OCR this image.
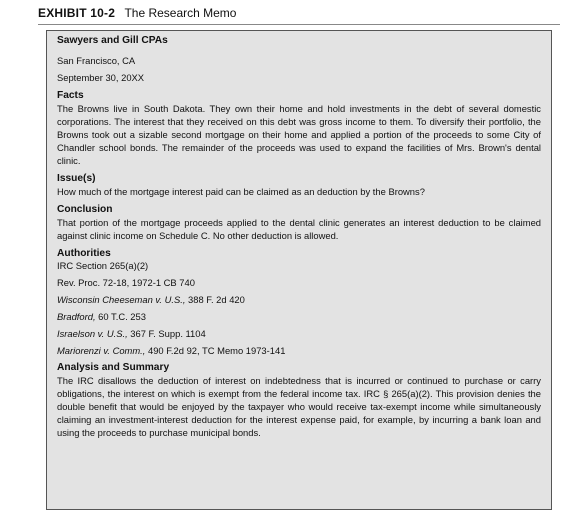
EXHIBIT 10-2 The Research Memo

Sawyers and Gill CPAs

San Francisco, CA

September 30, 20XX

Facts

The Browns live in South Dakota. They own their home and hold investments in the debt of several domestic corporations. The interest that they received on this debt was gross income to them. To diversify their portfolio, the Browns took out a sizable second mortgage on their home and applied a portion of the proceeds to some City of Chandler school bonds. The remainder of the proceeds was used to expand the facilities of Mrs. Brown's dental clinic.

Issue(s)

How much of the mortgage interest paid can be claimed as an deduction by the Browns?

Conclusion

That portion of the mortgage proceeds applied to the dental clinic generates an interest deduction to be claimed against clinic income on Schedule C. No other deduction is allowed.

Authorities

IRC Section 265(a)(2)
Rev. Proc. 72-18, 1972-1 CB 740
Wisconsin Cheeseman v. U.S., 388 F. 2d 420
Bradford, 60 T.C. 253
Israelson v. U.S., 367 F. Supp. 1104
Mariorenzi v. Comm., 490 F.2d 92, TC Memo 1973-141

Analysis and Summary

The IRC disallows the deduction of interest on indebtedness that is incurred or continued to purchase or carry obligations, the interest on which is exempt from the federal income tax. IRC § 265(a)(2). This provision denies the double benefit that would be enjoyed by the taxpayer who would receive tax-exempt income while simultaneously claiming an investment-interest deduction for the interest expense paid, for example, by incurring a bank loan and using the proceeds to purchase municipal bonds.
